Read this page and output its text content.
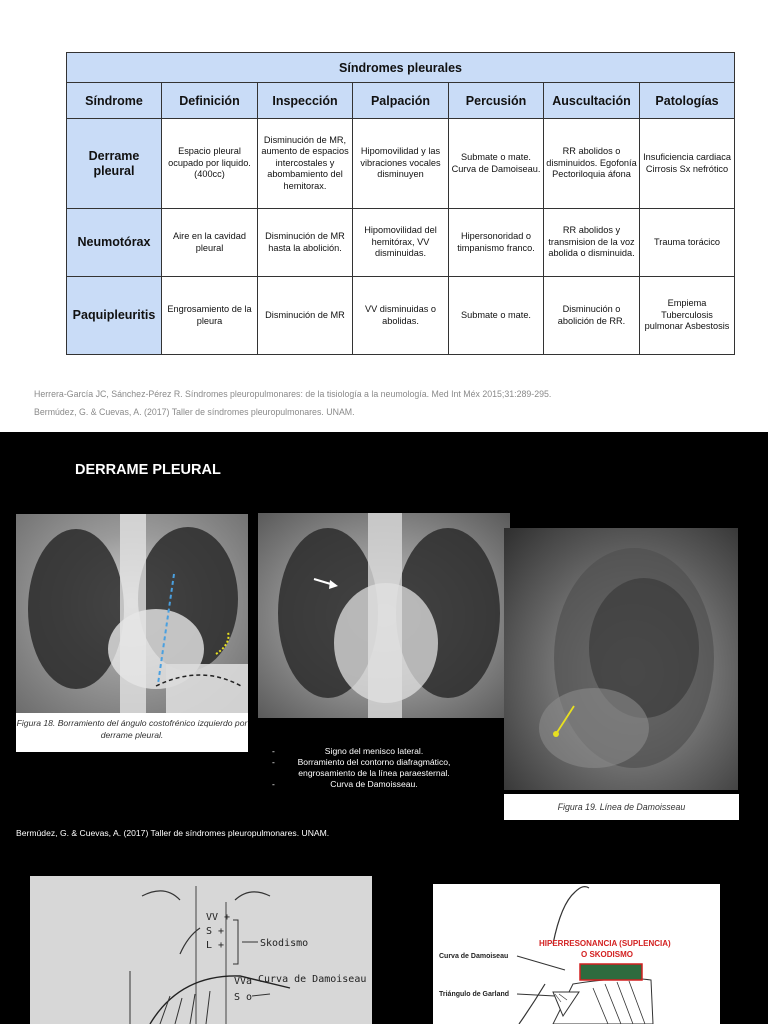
Síndromes pleurales						
Síndrome	Definición	Inspección	Palpación	Percusión	Auscultación	Patologías
Derrame pleural	Espacio pleural ocupado por liquido. (400cc)	Disminución de MR, aumento de espacios intercostales y abombamiento del hemitorax.	Hipomovilidad y las vibraciones vocales disminuyen	Submate o mate. Curva de Damoiseau.	RR abolidos o disminuidos. Egofonía Pectoriloquia áfona	Insuficiencia cardiaca Cirrosis Sx nefrótico
Neumotórax	Aire en la cavidad pleural	Disminución de MR hasta la abolición.	Hipomovilidad del hemitórax, VV disminuidas.	Hipersonoridad o timpanismo franco.	RR abolidos y transmision de la voz abolida o disminuida.	Trauma torácico
Paquipleuritis	Engrosamiento de la pleura	Disminución de MR	VV disminuidas o abolidas.	Submate o mate.	Disminución o abolición de RR.	Empiema Tuberculosis pulmonar Asbestosis
Herrera-García JC, Sánchez-Pérez R. Síndromes pleuropulmonares: de la tisiología a la neumología. Med Int Méx 2015;31:289-295.
Bermúdez, G. & Cuevas, A. (2017) Taller de síndromes pleuropulmonares. UNAM.
DERRAME PLEURAL
Figura 18. Borramiento del ángulo costofrénico izquierdo por derrame pleural.
Figura 19. Línea de Damoisseau
-	Signo del menisco lateral.
-	Borramiento del contorno diafragmático, engrosamiento de la línea paraesternal.
-	Curva de Damoisseau.
Bermúdez, G. & Cuevas, A. (2017) Taller de síndromes pleuropulmonares. UNAM.
VV +
S +
L +	Skodismo
VVa
S o
Curva de Damoiseau
Curva de Damoiseau
Triángulo de Garland
HIPERRESONANCIA (SUPLENCIA)
O SKODISMO
